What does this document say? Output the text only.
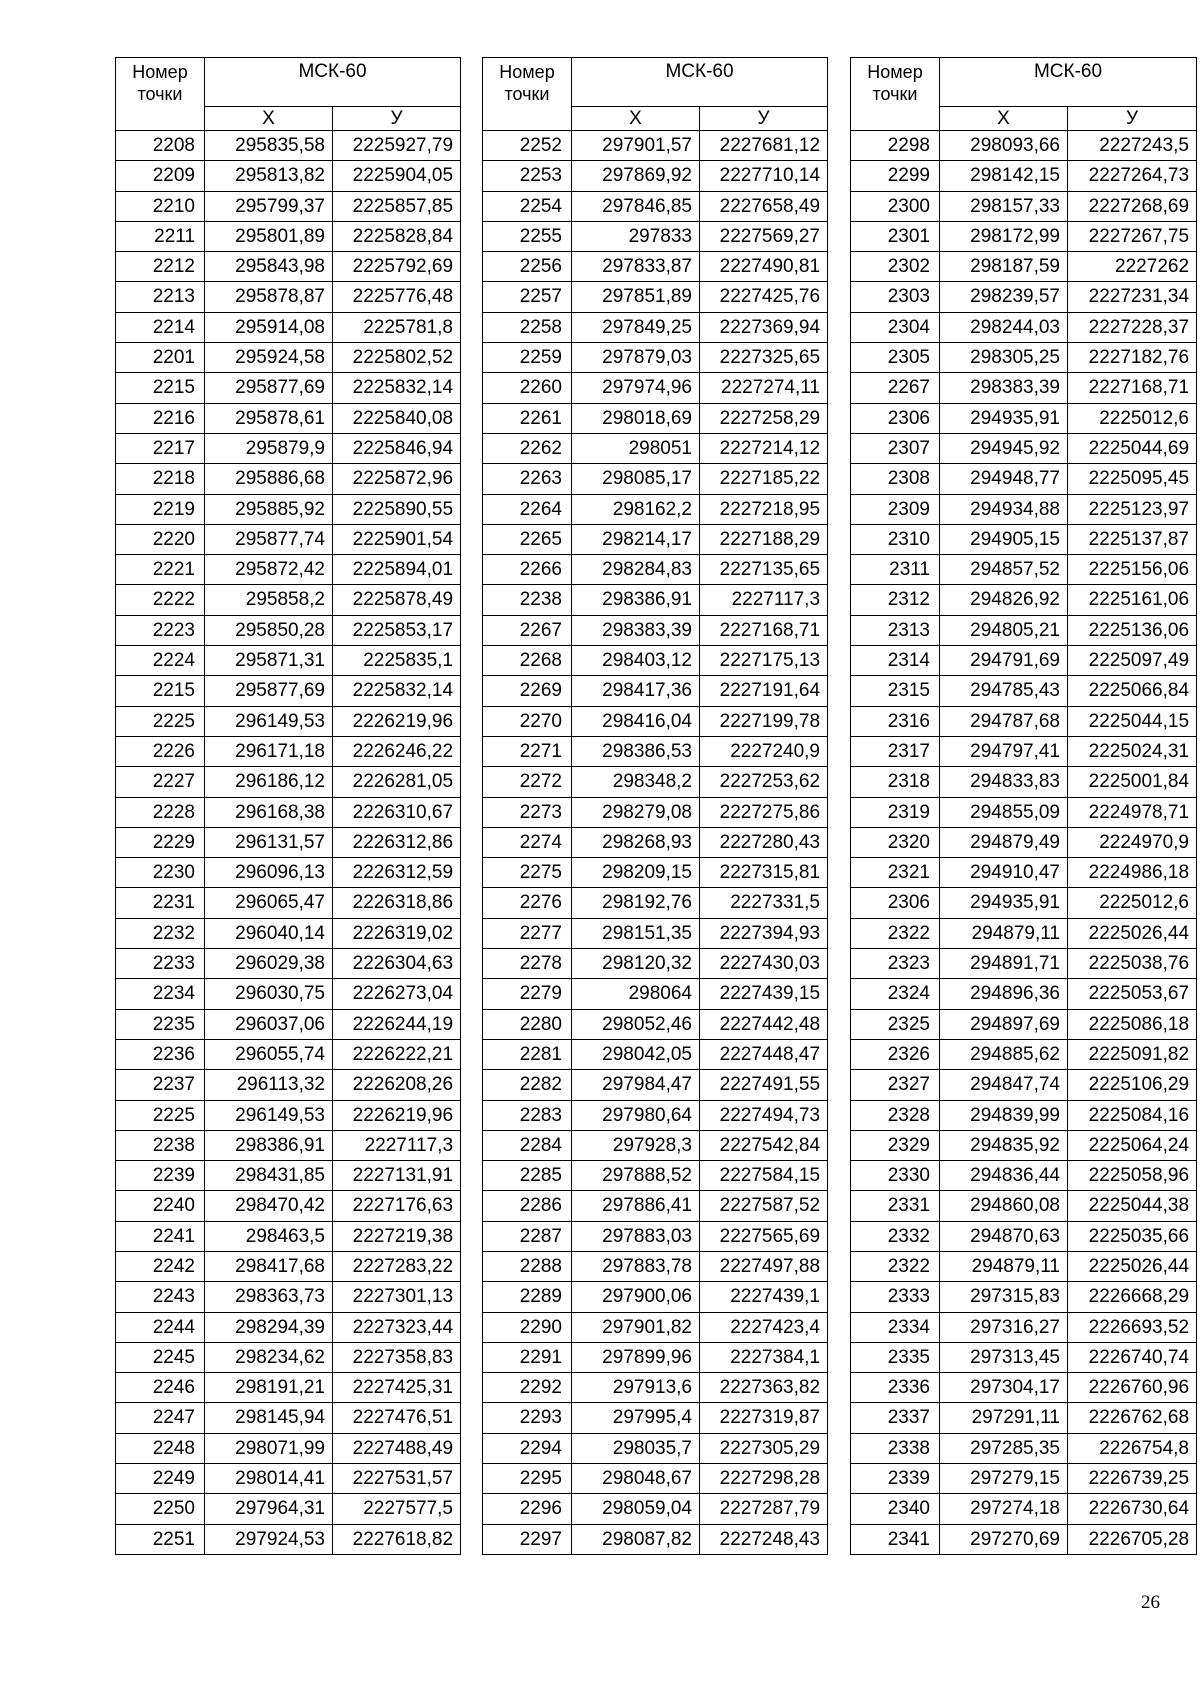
Номер точки	МСК-60	
	Х	У
2208	295835,58	2225927,79
2209	295813,82	2225904,05
2210	295799,37	2225857,85
2211	295801,89	2225828,84
2212	295843,98	2225792,69
2213	295878,87	2225776,48
2214	295914,08	2225781,8
2201	295924,58	2225802,52
2215	295877,69	2225832,14
2216	295878,61	2225840,08
2217	295879,9	2225846,94
2218	295886,68	2225872,96
2219	295885,92	2225890,55
2220	295877,74	2225901,54
2221	295872,42	2225894,01
2222	295858,2	2225878,49
2223	295850,28	2225853,17
2224	295871,31	2225835,1
2215	295877,69	2225832,14
2225	296149,53	2226219,96
2226	296171,18	2226246,22
2227	296186,12	2226281,05
2228	296168,38	2226310,67
2229	296131,57	2226312,86
2230	296096,13	2226312,59
2231	296065,47	2226318,86
2232	296040,14	2226319,02
2233	296029,38	2226304,63
2234	296030,75	2226273,04
2235	296037,06	2226244,19
2236	296055,74	2226222,21
2237	296113,32	2226208,26
2225	296149,53	2226219,96
2238	298386,91	2227117,3
2239	298431,85	2227131,91
2240	298470,42	2227176,63
2241	298463,5	2227219,38
2242	298417,68	2227283,22
2243	298363,73	2227301,13
2244	298294,39	2227323,44
2245	298234,62	2227358,83
2246	298191,21	2227425,31
2247	298145,94	2227476,51
2248	298071,99	2227488,49
2249	298014,41	2227531,57
2250	297964,31	2227577,5
2251	297924,53	2227618,82
Номер точки	МСК-60	
	Х	У
2252	297901,57	2227681,12
2253	297869,92	2227710,14
2254	297846,85	2227658,49
2255	297833	2227569,27
2256	297833,87	2227490,81
2257	297851,89	2227425,76
2258	297849,25	2227369,94
2259	297879,03	2227325,65
2260	297974,96	2227274,11
2261	298018,69	2227258,29
2262	298051	2227214,12
2263	298085,17	2227185,22
2264	298162,2	2227218,95
2265	298214,17	2227188,29
2266	298284,83	2227135,65
2238	298386,91	2227117,3
2267	298383,39	2227168,71
2268	298403,12	2227175,13
2269	298417,36	2227191,64
2270	298416,04	2227199,78
2271	298386,53	2227240,9
2272	298348,2	2227253,62
2273	298279,08	2227275,86
2274	298268,93	2227280,43
2275	298209,15	2227315,81
2276	298192,76	2227331,5
2277	298151,35	2227394,93
2278	298120,32	2227430,03
2279	298064	2227439,15
2280	298052,46	2227442,48
2281	298042,05	2227448,47
2282	297984,47	2227491,55
2283	297980,64	2227494,73
2284	297928,3	2227542,84
2285	297888,52	2227584,15
2286	297886,41	2227587,52
2287	297883,03	2227565,69
2288	297883,78	2227497,88
2289	297900,06	2227439,1
2290	297901,82	2227423,4
2291	297899,96	2227384,1
2292	297913,6	2227363,82
2293	297995,4	2227319,87
2294	298035,7	2227305,29
2295	298048,67	2227298,28
2296	298059,04	2227287,79
2297	298087,82	2227248,43
Номер точки	МСК-60	
	Х	У
2298	298093,66	2227243,5
2299	298142,15	2227264,73
2300	298157,33	2227268,69
2301	298172,99	2227267,75
2302	298187,59	2227262
2303	298239,57	2227231,34
2304	298244,03	2227228,37
2305	298305,25	2227182,76
2267	298383,39	2227168,71
2306	294935,91	2225012,6
2307	294945,92	2225044,69
2308	294948,77	2225095,45
2309	294934,88	2225123,97
2310	294905,15	2225137,87
2311	294857,52	2225156,06
2312	294826,92	2225161,06
2313	294805,21	2225136,06
2314	294791,69	2225097,49
2315	294785,43	2225066,84
2316	294787,68	2225044,15
2317	294797,41	2225024,31
2318	294833,83	2225001,84
2319	294855,09	2224978,71
2320	294879,49	2224970,9
2321	294910,47	2224986,18
2306	294935,91	2225012,6
2322	294879,11	2225026,44
2323	294891,71	2225038,76
2324	294896,36	2225053,67
2325	294897,69	2225086,18
2326	294885,62	2225091,82
2327	294847,74	2225106,29
2328	294839,99	2225084,16
2329	294835,92	2225064,24
2330	294836,44	2225058,96
2331	294860,08	2225044,38
2332	294870,63	2225035,66
2322	294879,11	2225026,44
2333	297315,83	2226668,29
2334	297316,27	2226693,52
2335	297313,45	2226740,74
2336	297304,17	2226760,96
2337	297291,11	2226762,68
2338	297285,35	2226754,8
2339	297279,15	2226739,25
2340	297274,18	2226730,64
2341	297270,69	2226705,28
26
